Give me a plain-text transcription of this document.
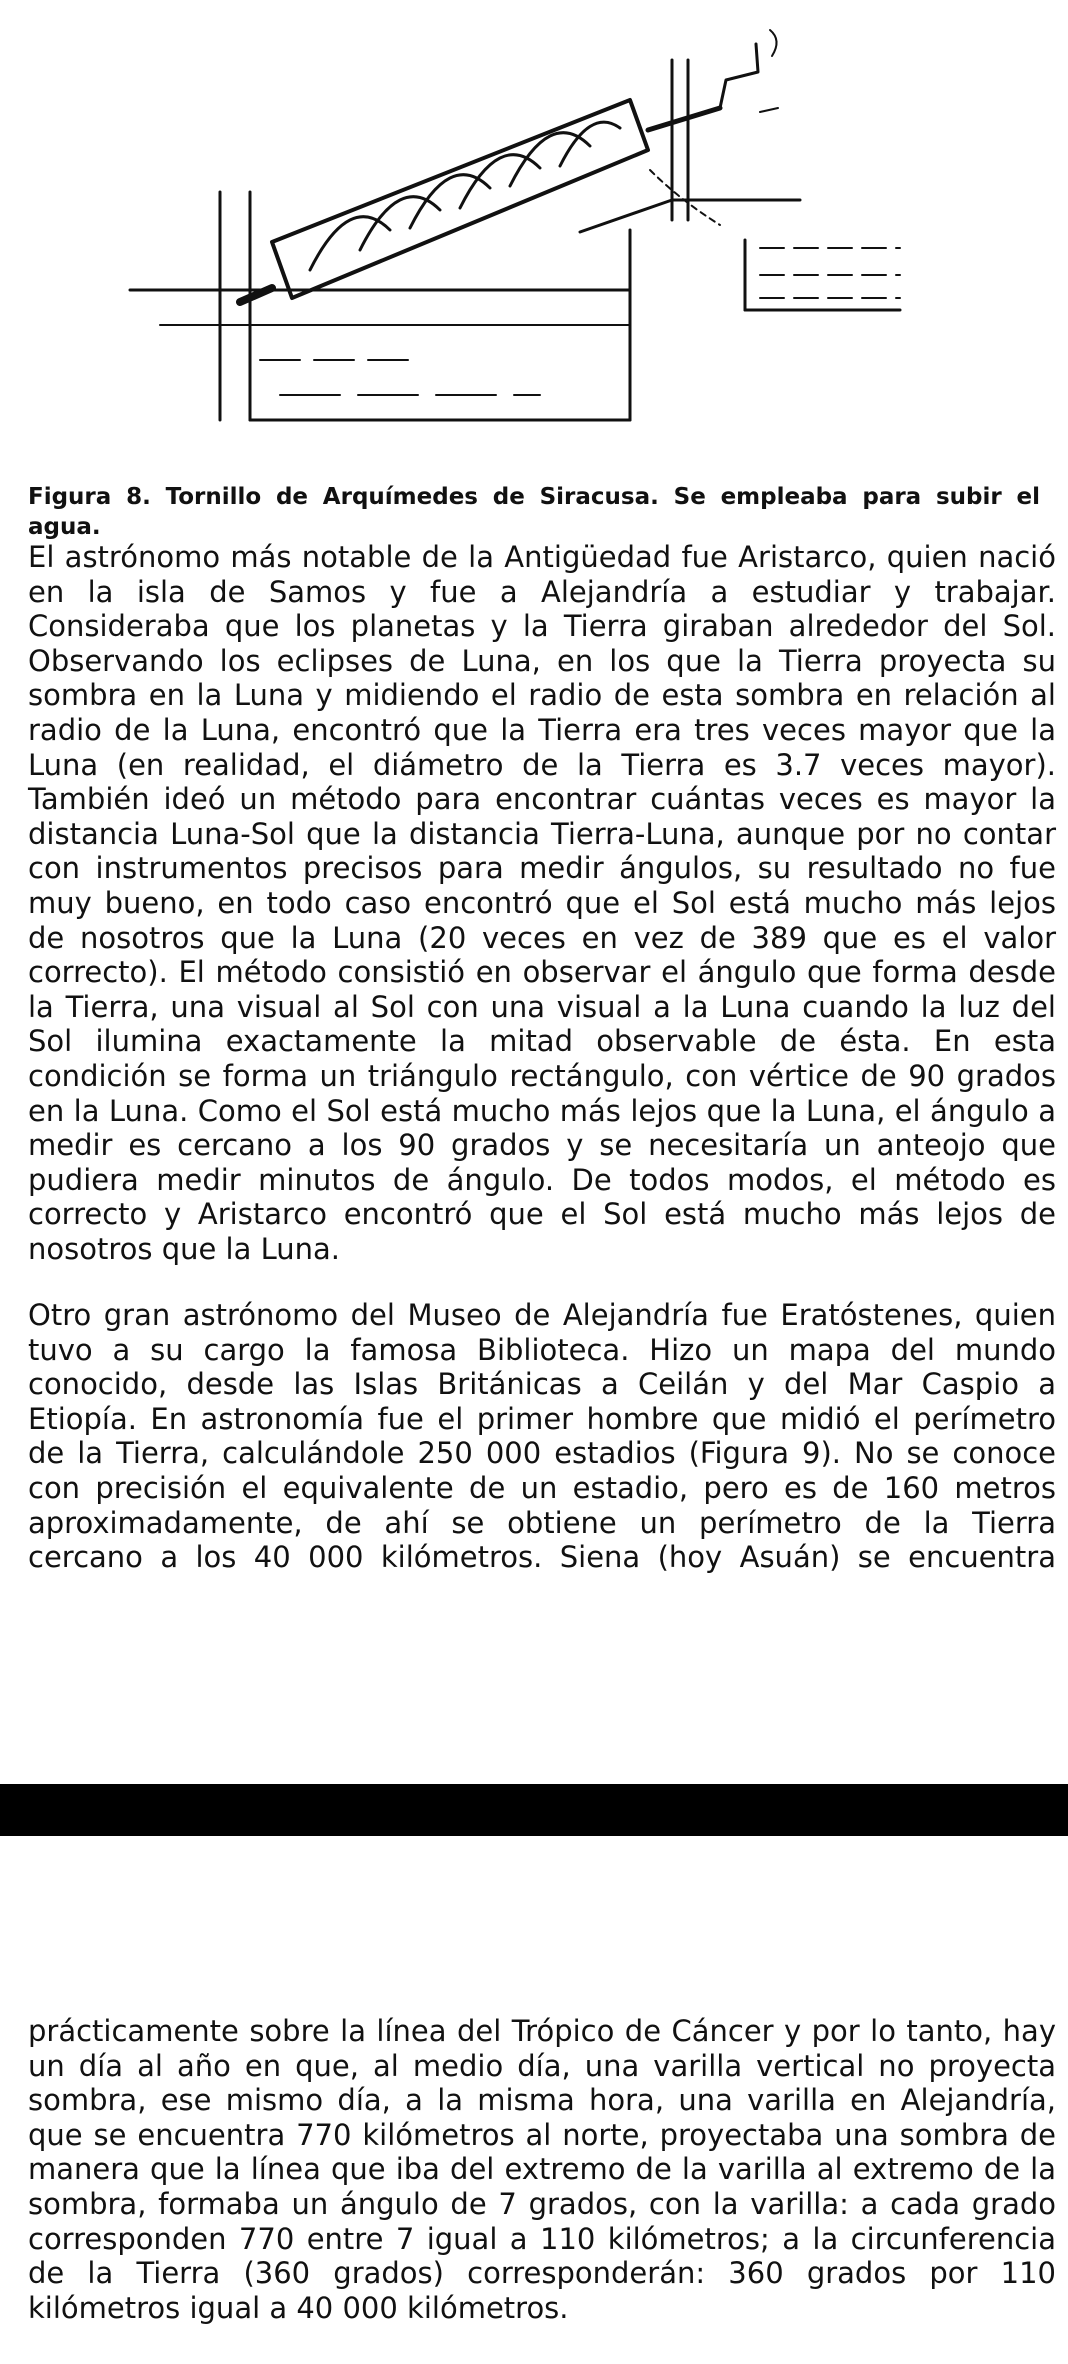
Figura 8. Tornillo de Arquímedes de Siracusa. Se empleaba para subir el agua.
El astrónomo más notable de la Antigüedad fue Aristarco, quien nació en la isla de Samos y fue a Alejandría a estudiar y trabajar. Consideraba que los planetas y la Tierra giraban alrededor del Sol. Observando los eclipses de Luna, en los que la Tierra proyecta su sombra en la Luna y midiendo el radio de esta sombra en relación al radio de la Luna, encontró que la Tierra era tres veces mayor que la Luna (en realidad, el diámetro de la Tierra es 3.7 veces mayor). También ideó un método para encontrar cuántas veces es mayor la distancia Luna-Sol que la distancia Tierra-Luna, aunque por no contar con instrumentos precisos para medir ángulos, su resultado no fue muy bueno, en todo caso encontró que el Sol está mucho más lejos de nosotros que la Luna (20 veces en vez de 389 que es el valor correcto). El método consistió en observar el ángulo que forma desde la Tierra, una visual al Sol con una visual a la Luna cuando la luz del Sol ilumina exactamente la mitad observable de ésta. En esta condición se forma un triángulo rectángulo, con vértice de 90 grados en la Luna. Como el Sol está mucho más lejos que la Luna, el ángulo a medir es cercano a los 90 grados y se necesitaría un anteojo que pudiera medir minutos de ángulo. De todos modos, el método es correcto y Aristarco encontró que el Sol está mucho más lejos de nosotros que la Luna.
Otro gran astrónomo del Museo de Alejandría fue Eratóstenes, quien tuvo a su cargo la famosa Biblioteca. Hizo un mapa del mundo conocido, desde las Islas Británicas a Ceilán y del Mar Caspio a Etiopía. En astronomía fue el primer hombre que midió el perímetro de la Tierra, calculándole 250 000 estadios (Figura 9). No se conoce con precisión el equivalente de un estadio, pero es de 160 metros aproximadamente, de ahí se obtiene un perímetro de la Tierra cercano a los 40 000 kilómetros. Siena (hoy Asuán) se encuentra
prácticamente sobre la línea del Trópico de Cáncer y por lo tanto, hay un día al año en que, al medio día, una varilla vertical no proyecta sombra, ese mismo día, a la misma hora, una varilla en Alejandría, que se encuentra 770 kilómetros al norte, proyectaba una sombra de manera que la línea que iba del extremo de la varilla al extremo de la sombra, formaba un ángulo de 7 grados, con la varilla: a cada grado corresponden 770 entre 7 igual a 110 kilómetros; a la circunferencia de la Tierra (360 grados) corresponderán: 360 grados por 110 kilómetros igual a 40 000 kilómetros.
